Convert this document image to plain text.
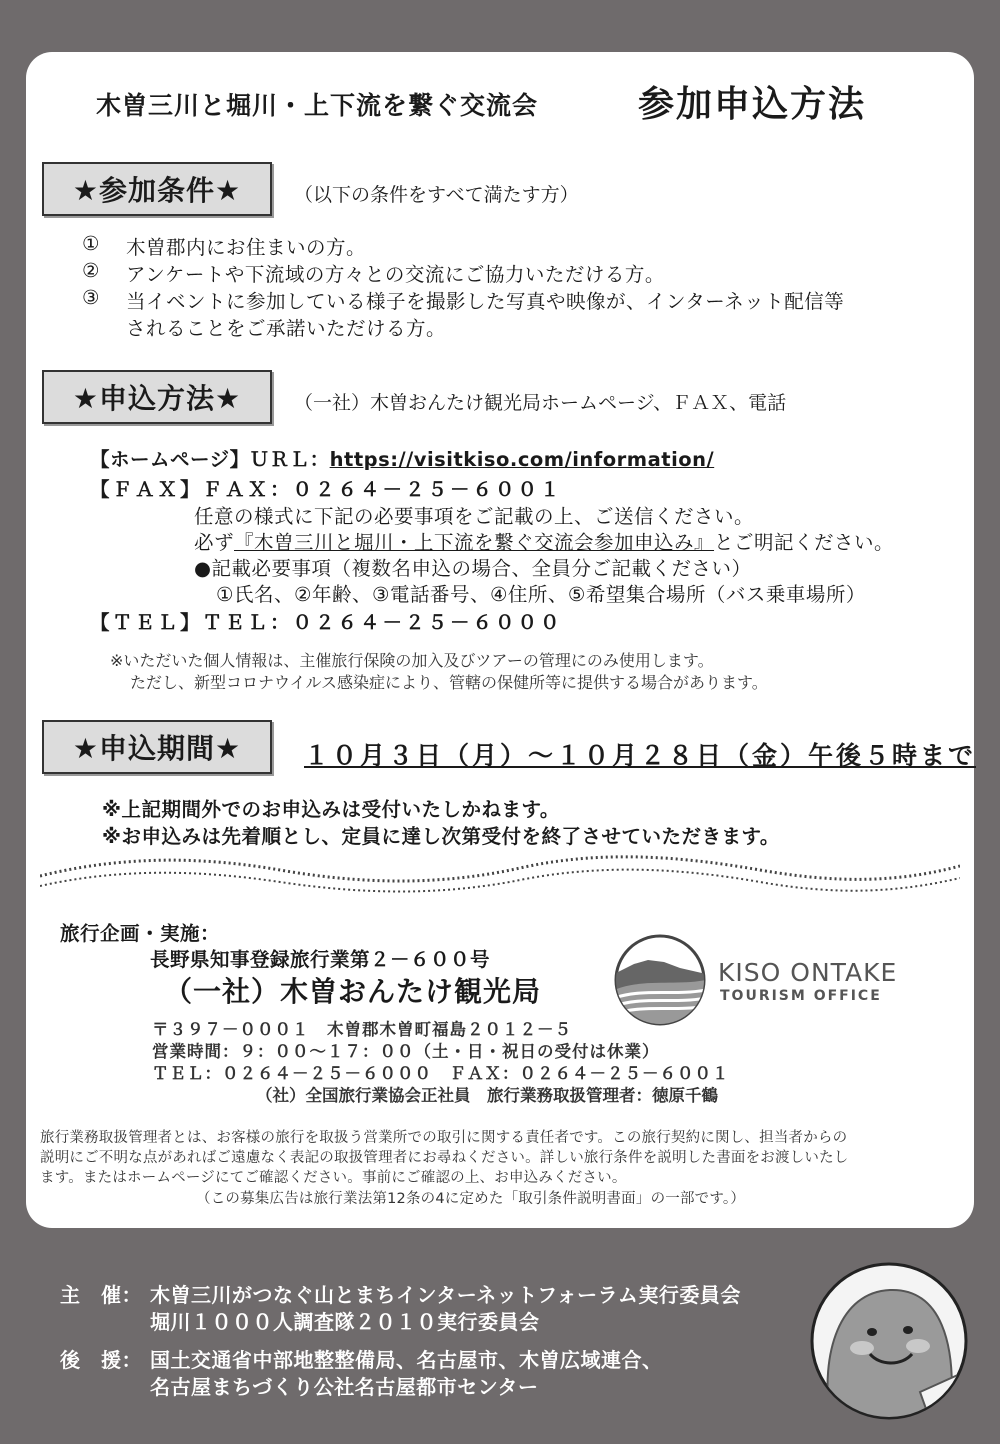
木曽三川と堀川・上下流を繋ぐ交流会	参加申込方法
★参加条件★	（以下の条件をすべて満たす方）
① 木曽郡内にお住まいの方。
② アンケートや下流域の方々との交流にご協力いただける方。
③ 当イベントに参加している様子を撮影した写真や映像が、インターネット配信等
されることをご承諾いただける方。
★申込方法★	（一社）木曽おんたけ観光局ホームページ、ＦＡＸ、電話
【ホームページ】ＵＲＬ：https://visitkiso.com/information/
【ＦＡＸ】ＦＡＸ：０２６４－２５－６００１
任意の様式に下記の必要事項をご記載の上、ご送信ください。
必ず『木曽三川と堀川・上下流を繋ぐ交流会参加申込み』とご明記ください。
●記載必要事項（複数名申込の場合、全員分ご記載ください）
①氏名、②年齢、③電話番号、④住所、⑤希望集合場所（バス乗車場所）
【ＴＥＬ】ＴＥＬ：０２６４－２５－６０００
※いただいた個人情報は、主催旅行保険の加入及びツアーの管理にのみ使用します。
ただし、新型コロナウイルス感染症により、管轄の保健所等に提供する場合があります。
★申込期間★	１０月３日（月）～１０月２８日（金）午後５時まで
※上記期間外でのお申込みは受付いたしかねます。
※お申込みは先着順とし、定員に達し次第受付を終了させていただきます。
旅行企画・実施：
長野県知事登録旅行業第２－６００号
（一社）木曽おんたけ観光局
〒３９７－０００１　木曽郡木曽町福島２０１２－５
営業時間：９：００～１７：００（土・日・祝日の受付は休業）
ＴＥＬ：０２６４－２５－６０００　ＦＡＸ：０２６４－２５－６００１
（社）全国旅行業協会正社員　旅行業務取扱管理者：徳原千鶴
KISO ONTAKE
TOURISM OFFICE
旅行業務取扱管理者とは、お客様の旅行を取扱う営業所での取引に関する責任者です。この旅行契約に関し、担当者からの
説明にご不明な点があればご遠慮なく表記の取扱管理者にお尋ねください。詳しい旅行条件を説明した書面をお渡しいたし
ます。またはホームページにてご確認ください。事前にご確認の上、お申込みください。
（この募集広告は旅行業法第12条の4に定めた「取引条件説明書面」の一部です。）
主　催： 木曽三川がつなぐ山とまちインターネットフォーラム実行委員会
堀川１０００人調査隊２０１０実行委員会
後　援： 国土交通省中部地整整備局、名古屋市、木曽広域連合、
名古屋まちづくり公社名古屋都市センター
